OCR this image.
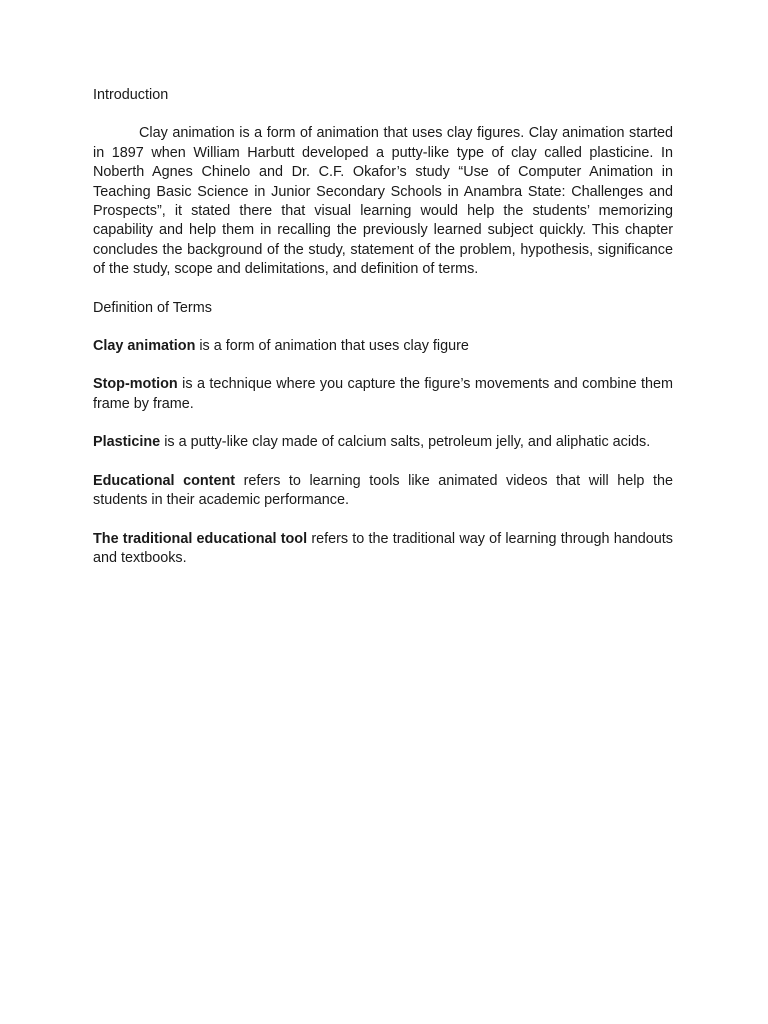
Introduction

Clay animation is a form of animation that uses clay figures. Clay animation started in 1897 when William Harbutt developed a putty-like type of clay called plasticine. In Noberth Agnes Chinelo and Dr. C.F. Okafor’s study “Use of Computer Animation in Teaching Basic Science in Junior Secondary Schools in Anambra State: Challenges and Prospects”, it stated there that visual learning would help the students’ memorizing capability and help them in recalling the previously learned subject quickly. This chapter concludes the background of the study, statement of the problem, hypothesis, significance of the study, scope and delimitations, and definition of terms.

Definition of Terms

Clay animation is a form of animation that uses clay figure

Stop-motion is a technique where you capture the figure’s movements and combine them frame by frame.

Plasticine is a putty-like clay made of calcium salts, petroleum jelly, and aliphatic acids.

Educational content refers to learning tools like animated videos that will help the students in their academic performance.

The traditional educational tool refers to the traditional way of learning through handouts and textbooks.
